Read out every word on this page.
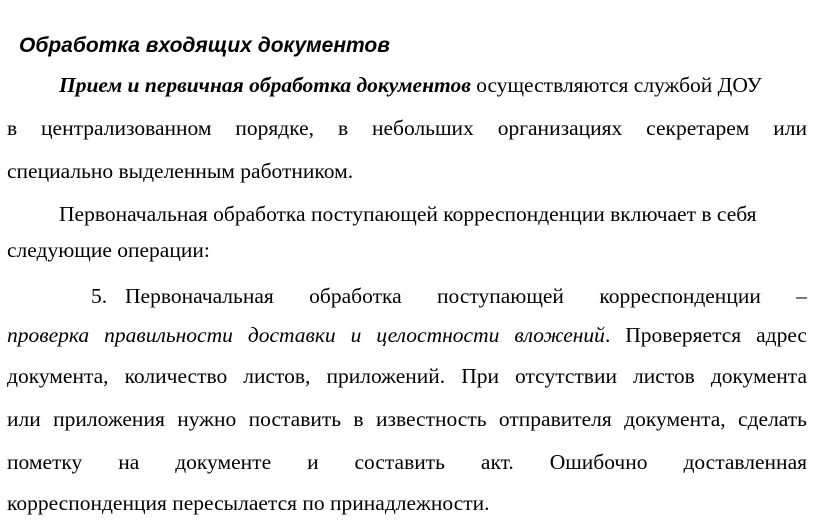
Обработка входящих документов
Прием и первичная обработка документов осуществляются службой ДОУ
в централизованном порядке, в небольших организациях секретарем или
специально выделенным работником.
Первоначальная обработка поступающей корреспонденции включает в себя
следующие операции:
5. Первоначальная обработка поступающей корреспонденции –
проверка правильности доставки и целостности вложений. Проверяется адрес
документа, количество листов, приложений. При отсутствии листов документа
или приложения нужно поставить в известность отправителя документа, сделать
пометку на документе и составить акт. Ошибочно доставленная
корреспонденция пересылается по принадлежности.
